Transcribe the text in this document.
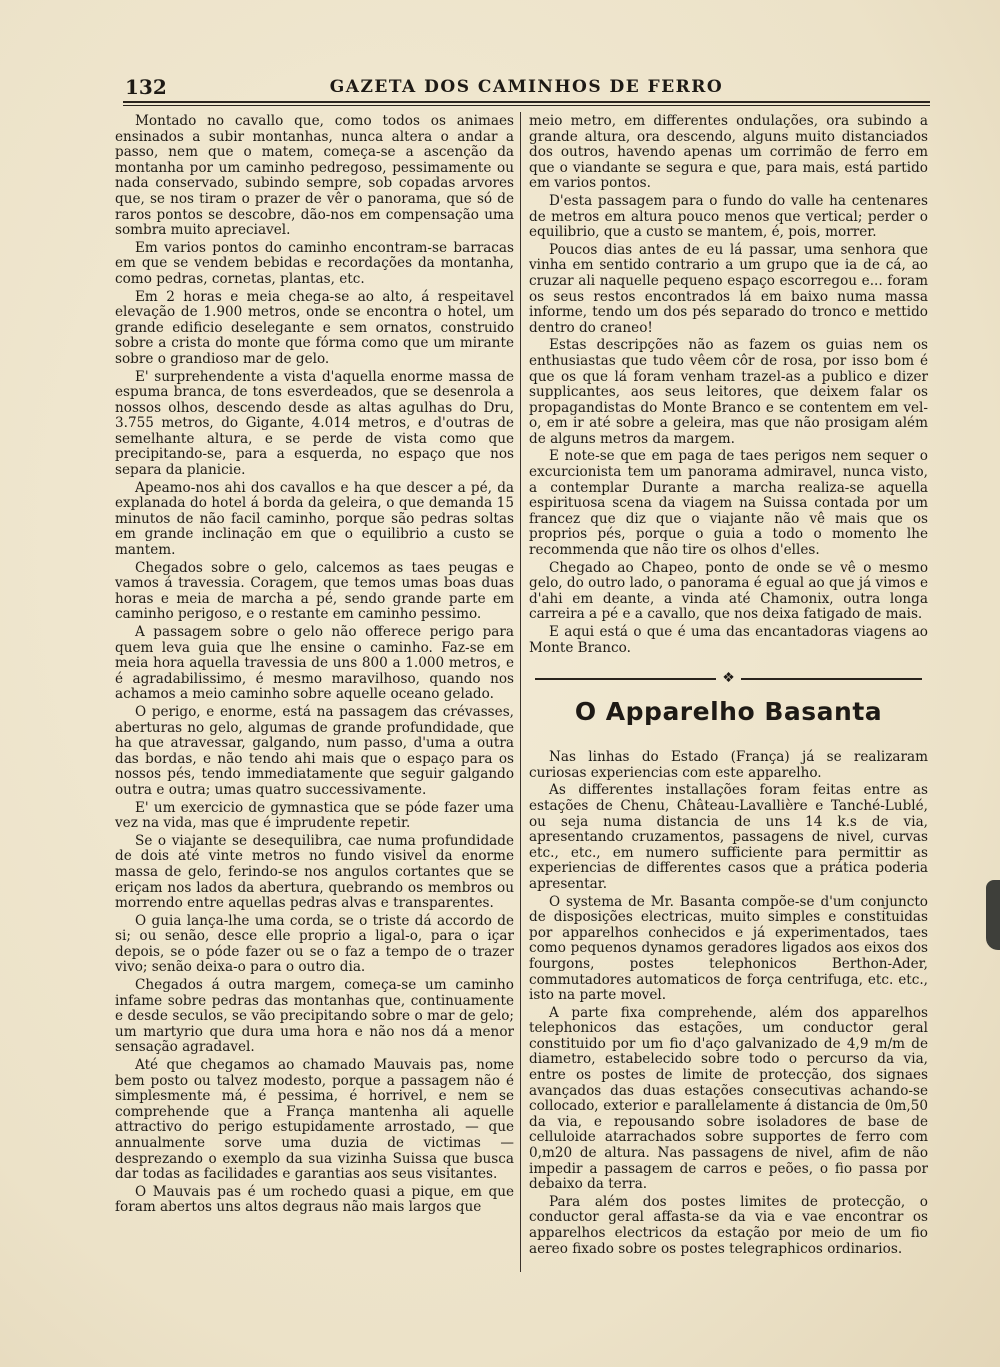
132	GAZETA DOS CAMINHOS DE FERRO

Montado no cavallo que, como todos os animaes ensinados a subir montanhas, nunca altera o andar a passo, nem que o matem, começa-se a ascenção da montanha por um caminho pedregoso, pessimamente ou nada conservado, subindo sempre, sob copadas arvores que, se nos tiram o prazer de vêr o panorama, que só de raros pontos se descobre, dão-nos em compensação uma sombra muito apreciavel.

Em varios pontos do caminho encontram-se barracas em que se vendem bebidas e recordações da montanha, como pedras, cornetas, plantas, etc.

Em 2 horas e meia chega-se ao alto, á respeitavel elevação de 1.900 metros, onde se encontra o hotel, um grande edificio deselegante e sem ornatos, construido sobre a crista do monte que fórma como que um mirante sobre o grandioso mar de gelo.

E' surprehendente a vista d'aquella enorme massa de espuma branca, de tons esverdeados, que se desenrola a nossos olhos, descendo desde as altas agulhas do Dru, 3.755 metros, do Gigante, 4.014 metros, e d'outras de semelhante altura, e se perde de vista como que precipitando-se, para a esquerda, no espaço que nos separa da planicie.

Apeamo-nos ahi dos cavallos e ha que descer a pé, da explanada do hotel á borda da geleira, o que demanda 15 minutos de não facil caminho, porque são pedras soltas em grande inclinação em que o equilibrio a custo se mantem.

Chegados sobre o gelo, calcemos as taes peugas e vamos á travessia. Coragem, que temos umas boas duas horas e meia de marcha a pé, sendo grande parte em caminho perigoso, e o restante em caminho pessimo.

A passagem sobre o gelo não offerece perigo para quem leva guia que lhe ensine o caminho. Faz-se em meia hora aquella travessia de uns 800 a 1.000 metros, e é agradabilissimo, é mesmo maravilhoso, quando nos achamos a meio caminho sobre aquelle oceano gelado.

O perigo, e enorme, está na passagem das crévasses, aberturas no gelo, algumas de grande profundidade, que ha que atravessar, galgando, num passo, d'uma a outra das bordas, e não tendo ahi mais que o espaço para os nossos pés, tendo immediatamente que seguir galgando outra e outra; umas quatro successivamente.

E' um exercicio de gymnastica que se póde fazer uma vez na vida, mas que é imprudente repetir.

Se o viajante se desequilibra, cae numa profundidade de dois até vinte metros no fundo visivel da enorme massa de gelo, ferindo-se nos angulos cortantes que se eriçam nos lados da abertura, quebrando os membros ou morrendo entre aquellas pedras alvas e transparentes.

O guia lança-lhe uma corda, se o triste dá accordo de si; ou senão, desce elle proprio a ligal-o, para o içar depois, se o póde fazer ou se o faz a tempo de o trazer vivo; senão deixa-o para o outro dia.

Chegados á outra margem, começa-se um caminho infame sobre pedras das montanhas que, continuamente e desde seculos, se vão precipitando sobre o mar de gelo; um martyrio que dura uma hora e não nos dá a menor sensação agradavel.

Até que chegamos ao chamado Mauvais pas, nome bem posto ou talvez modesto, porque a passagem não é simplesmente má, é pessima, é horrivel, e nem se comprehende que a França mantenha ali aquelle attractivo do perigo estupidamente arrostado, — que annualmente sorve uma duzia de victimas — desprezando o exemplo da sua vizinha Suissa que busca dar todas as facilidades e garantias aos seus visitantes.

O Mauvais pas é um rochedo quasi a pique, em que foram abertos uns altos degraus não mais largos que

meio metro, em differentes ondulações, ora subindo a grande altura, ora descendo, alguns muito distanciados dos outros, havendo apenas um corrimão de ferro em que o viandante se segura e que, para mais, está partido em varios pontos.

D'esta passagem para o fundo do valle ha centenares de metros em altura pouco menos que vertical; perder o equilibrio, que a custo se mantem, é, pois, morrer.

Poucos dias antes de eu lá passar, uma senhora que vinha em sentido contrario a um grupo que ia de cá, ao cruzar ali naquelle pequeno espaço escorregou e... foram os seus restos encontrados lá em baixo numa massa informe, tendo um dos pés separado do tronco e mettido dentro do craneo!

Estas descripções não as fazem os guias nem os enthusiastas que tudo vêem côr de rosa, por isso bom é que os que lá foram venham trazel-as a publico e dizer supplicantes, aos seus leitores, que deixem falar os propagandistas do Monte Branco e se contentem em vel-o, em ir até sobre a geleira, mas que não prosigam além de alguns metros da margem.

E note-se que em paga de taes perigos nem sequer o excurcionista tem um panorama admiravel, nunca visto, a contemplar Durante a marcha realiza-se aquella espirituosa scena da viagem na Suissa contada por um francez que diz que o viajante não vê mais que os proprios pés, porque o guia a todo o momento lhe recommenda que não tire os olhos d'elles.

Chegado ao Chapeo, ponto de onde se vê o mesmo gelo, do outro lado, o panorama é egual ao que já vimos e d'ahi em deante, a vinda até Chamonix, outra longa carreira a pé e a cavallo, que nos deixa fatigado de mais.

E aqui está o que é uma das encantadoras viagens ao Monte Branco.

❖
O Apparelho Basanta

Nas linhas do Estado (França) já se realizaram curiosas experiencias com este apparelho.

As differentes installações foram feitas entre as estações de Chenu, Château-Lavallière e Tanché-Lublé, ou seja numa distancia de uns 14 k.s de via, apresentando cruzamentos, passagens de nivel, curvas etc., etc., em numero sufficiente para permittir as experiencias de differentes casos que a prática poderia apresentar.

O systema de Mr. Basanta compõe-se d'um conjuncto de disposições electricas, muito simples e constituidas por apparelhos conhecidos e já experimentados, taes como pequenos dynamos geradores ligados aos eixos dos fourgons, postes telephonicos Berthon-Ader, commutadores automaticos de força centrifuga, etc. etc., isto na parte movel.

A parte fixa comprehende, além dos apparelhos telephonicos das estações, um conductor geral constituido por um fio d'aço galvanizado de 4,9 m/m de diametro, estabelecido sobre todo o percurso da via, entre os postes de limite de protecção, dos signaes avançados das duas estações consecutivas achando-se collocado, exterior e parallelamente á distancia de 0m,50 da via, e repousando sobre isoladores de base de celluloide atarrachados sobre supportes de ferro com 0,m20 de altura. Nas passagens de nivel, afim de não impedir a passagem de carros e peões, o fio passa por debaixo da terra.

Para além dos postes limites de protecção, o conductor geral affasta-se da via e vae encontrar os apparelhos electricos da estação por meio de um fio aereo fixado sobre os postes telegraphicos ordinarios.
